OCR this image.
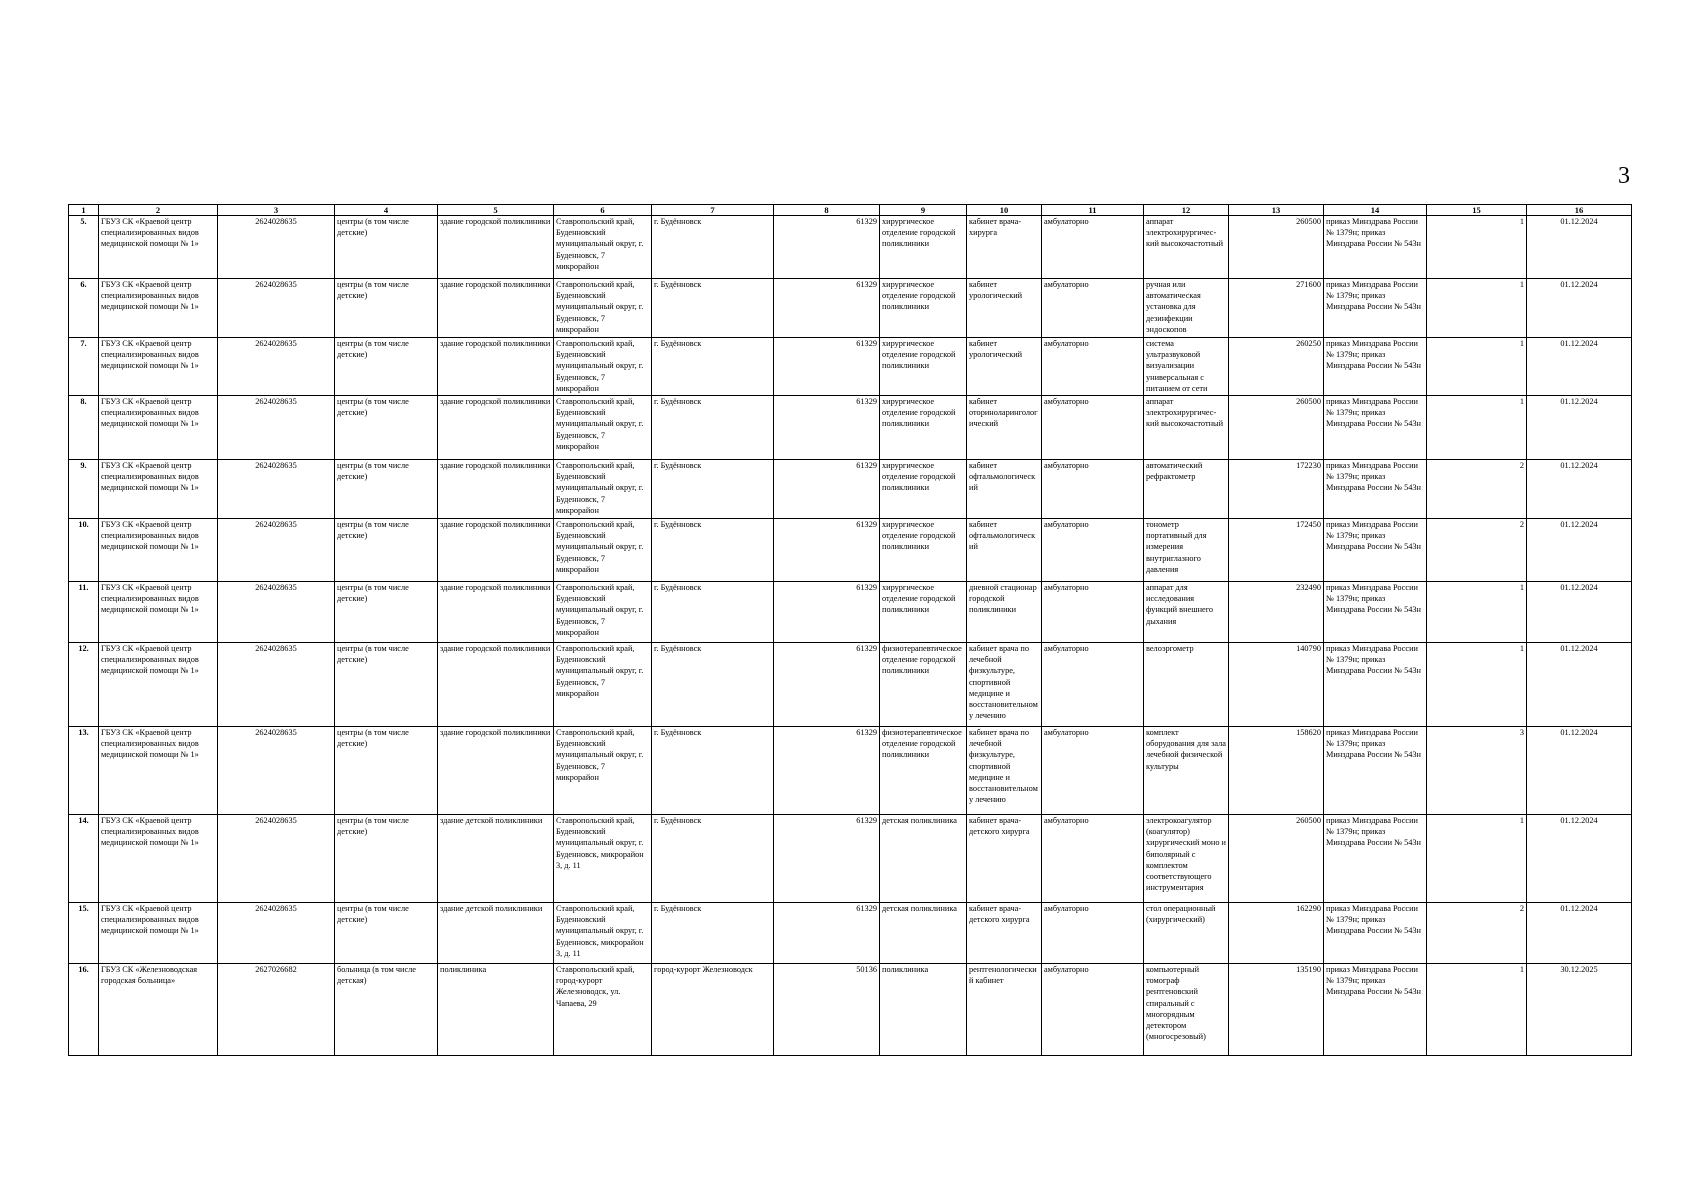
3
1	2	3	4	5	6	7	8	9	10	11	12	13	14	15	16
5.	ГБУЗ СК «Краевой центр специализированных видов медицинской помощи № 1»	2624028635	центры (в том числе детские)	здание городской поликлиники	Ставропольский край, Буденновский муниципальный округ, г. Буденновск, 7 микрорайон	г. Будённовск	61329	хирургическое отделение городской поликлиники	кабинет врача-хирурга	амбулаторно	аппарат электрохирургичес-кий высокочастотный	260500	приказ Минздрава России № 1379н; приказ Минздрава России № 543н	1	01.12.2024
6.	ГБУЗ СК «Краевой центр специализированных видов медицинской помощи № 1»	2624028635	центры (в том числе детские)	здание городской поликлиники	Ставропольский край, Буденновский муниципальный округ, г. Буденновск, 7 микрорайон	г. Будённовск	61329	хирургическое отделение городской поликлиники	кабинет урологический	амбулаторно	ручная или автоматическая установка для дезинфекции эндоскопов	271600	приказ Минздрава России № 1379н; приказ Минздрава России № 543н	1	01.12.2024
7.	ГБУЗ СК «Краевой центр специализированных видов медицинской помощи № 1»	2624028635	центры (в том числе детские)	здание городской поликлиники	Ставропольский край, Буденновский муниципальный округ, г. Буденновск, 7 микрорайон	г. Будённовск	61329	хирургическое отделение городской поликлиники	кабинет урологический	амбулаторно	система ультразвуковой визуализации универсальная с питанием от сети	260250	приказ Минздрава России № 1379н; приказ Минздрава России № 543н	1	01.12.2024
8.	ГБУЗ СК «Краевой центр специализированных видов медицинской помощи № 1»	2624028635	центры (в том числе детские)	здание городской поликлиники	Ставропольский край, Буденновский муниципальный округ, г. Буденновск, 7 микрорайон	г. Будённовск	61329	хирургическое отделение городской поликлиники	кабинет оториноларингологический	амбулаторно	аппарат электрохирургичес-кий высокочастотный	260500	приказ Минздрава России № 1379н; приказ Минздрава России № 543н	1	01.12.2024
9.	ГБУЗ СК «Краевой центр специализированных видов медицинской помощи № 1»	2624028635	центры (в том числе детские)	здание городской поликлиники	Ставропольский край, Буденновский муниципальный округ, г. Буденновск, 7 микрорайон	г. Будённовск	61329	хирургическое отделение городской поликлиники	кабинет офтальмологический	амбулаторно	автоматический рефрактометр	172230	приказ Минздрава России № 1379н; приказ Минздрава России № 543н	2	01.12.2024
10.	ГБУЗ СК «Краевой центр специализированных видов медицинской помощи № 1»	2624028635	центры (в том числе детские)	здание городской поликлиники	Ставропольский край, Буденновский муниципальный округ, г. Буденновск, 7 микрорайон	г. Будённовск	61329	хирургическое отделение городской поликлиники	кабинет офтальмологический	амбулаторно	тонометр портативный для измерения внутриглазного давления	172450	приказ Минздрава России № 1379н; приказ Минздрава России № 543н	2	01.12.2024
11.	ГБУЗ СК «Краевой центр специализированных видов медицинской помощи № 1»	2624028635	центры (в том числе детские)	здание городской поликлиники	Ставропольский край, Буденновский муниципальный округ, г. Буденновск, 7 микрорайон	г. Будённовск	61329	хирургическое отделение городской поликлиники	дневной стационар городской поликлиники	амбулаторно	аппарат для исследования функций внешнего дыхания	232490	приказ Минздрава России № 1379н; приказ Минздрава России № 543н	1	01.12.2024
12.	ГБУЗ СК «Краевой центр специализированных видов медицинской помощи № 1»	2624028635	центры (в том числе детские)	здание городской поликлиники	Ставропольский край, Буденновский муниципальный округ, г. Буденновск, 7 микрорайон	г. Будённовск	61329	физиотерапевтическое отделение городской поликлиники	кабинет врача по лечебной физкультуре, спортивной медицине и восстановительному лечению	амбулаторно	велоэргометр	140790	приказ Минздрава России № 1379н; приказ Минздрава России № 543н	1	01.12.2024
13.	ГБУЗ СК «Краевой центр специализированных видов медицинской помощи № 1»	2624028635	центры (в том числе детские)	здание городской поликлиники	Ставропольский край, Буденновский муниципальный округ, г. Буденновск, 7 микрорайон	г. Будённовск	61329	физиотерапевтическое отделение городской поликлиники	кабинет врача по лечебной физкультуре, спортивной медицине и восстановительному лечению	амбулаторно	комплект оборудования для зала лечебной физической культуры	158620	приказ Минздрава России № 1379н; приказ Минздрава России № 543н	3	01.12.2024
14.	ГБУЗ СК «Краевой центр специализированных видов медицинской помощи № 1»	2624028635	центры (в том числе детские)	здание детской поликлиники	Ставропольский край, Буденновский муниципальный округ, г. Буденновск, микрорайон 3, д. 11	г. Будённовск	61329	детская поликлиника	кабинет врача-детского хирурга	амбулаторно	электрокоагулятор (коагулятор) хирургический моно и биполярный с комплектом соответствующего инструментария	260500	приказ Минздрава России № 1379н; приказ Минздрава России № 543н	1	01.12.2024
15.	ГБУЗ СК «Краевой центр специализированных видов медицинской помощи № 1»	2624028635	центры (в том числе детские)	здание детской поликлиники	Ставропольский край, Буденновский муниципальный округ, г. Буденновск, микрорайон 3, д. 11	г. Будённовск	61329	детская поликлиника	кабинет врача-детского хирурга	амбулаторно	стол операционный (хирургический)	162290	приказ Минздрава России № 1379н; приказ Минздрава России № 543н	2	01.12.2024
16.	ГБУЗ СК «Железноводская городская больница»	2627026682	больница (в том числе детская)	поликлиника	Ставропольский край, город-курорт Железноводск, ул. Чапаева, 29	город-курорт Железноводск	50136	поликлиника	рентгенологический кабинет	амбулаторно	компьютерный томограф рентгеновский спиральный с многорядным детектором (многосрезовый)	135190	приказ Минздрава России № 1379н; приказ Минздрава России № 543н	1	30.12.2025
